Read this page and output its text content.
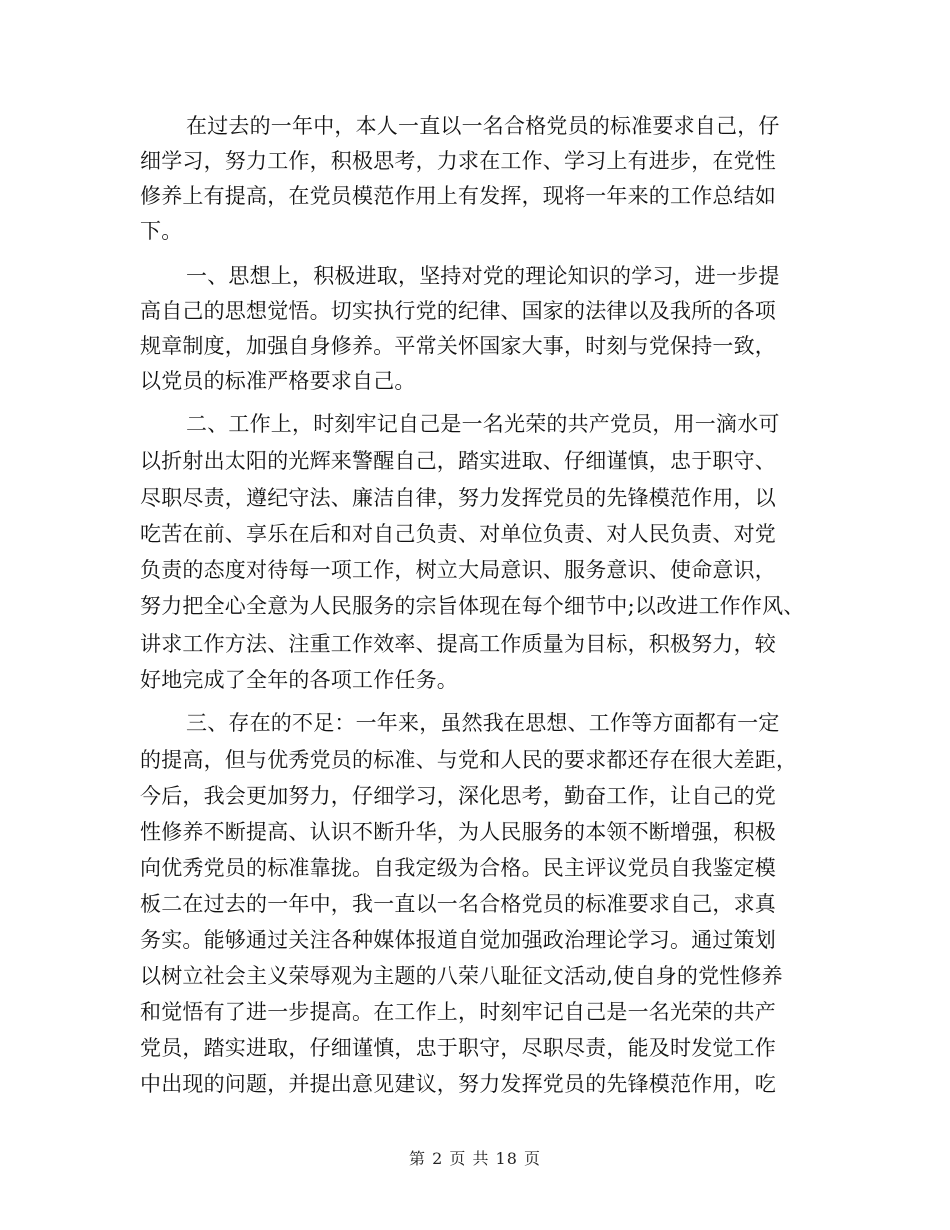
在过去的一年中，本人一直以一名合格党员的标准要求自己，仔
细学习，努力工作，积极思考，力求在工作、学习上有进步，在党性
修养上有提高，在党员模范作用上有发挥，现将一年来的工作总结如
下。
一、思想上，积极进取，坚持对党的理论知识的学习，进一步提
高自己的思想觉悟。切实执行党的纪律、国家的法律以及我所的各项
规章制度，加强自身修养。平常关怀国家大事，时刻与党保持一致，
以党员的标准严格要求自己。
二、工作上，时刻牢记自己是一名光荣的共产党员，用一滴水可
以折射出太阳的光辉来警醒自己，踏实进取、仔细谨慎，忠于职守、
尽职尽责，遵纪守法、廉洁自律，努力发挥党员的先锋模范作用，以
吃苦在前、享乐在后和对自己负责、对单位负责、对人民负责、对党
负责的态度对待每一项工作，树立大局意识、服务意识、使命意识，
努力把全心全意为人民服务的宗旨体现在每个细节中;以改进工作作风、
讲求工作方法、注重工作效率、提高工作质量为目标，积极努力，较
好地完成了全年的各项工作任务。
三、存在的不足：一年来，虽然我在思想、工作等方面都有一定
的提高，但与优秀党员的标准、与党和人民的要求都还存在很大差距，
今后，我会更加努力，仔细学习，深化思考，勤奋工作，让自己的党
性修养不断提高、认识不断升华，为人民服务的本领不断增强，积极
向优秀党员的标准靠拢。自我定级为合格。民主评议党员自我鉴定模
板二在过去的一年中，我一直以一名合格党员的标准要求自己，求真
务实。能够通过关注各种媒体报道自觉加强政治理论学习。通过策划
以树立社会主义荣辱观为主题的八荣八耻征文活动,使自身的党性修养
和觉悟有了进一步提高。在工作上，时刻牢记自己是一名光荣的共产
党员，踏实进取，仔细谨慎，忠于职守，尽职尽责，能及时发觉工作
中出现的问题，并提出意见建议，努力发挥党员的先锋模范作用，吃
第 2 页 共 18 页
